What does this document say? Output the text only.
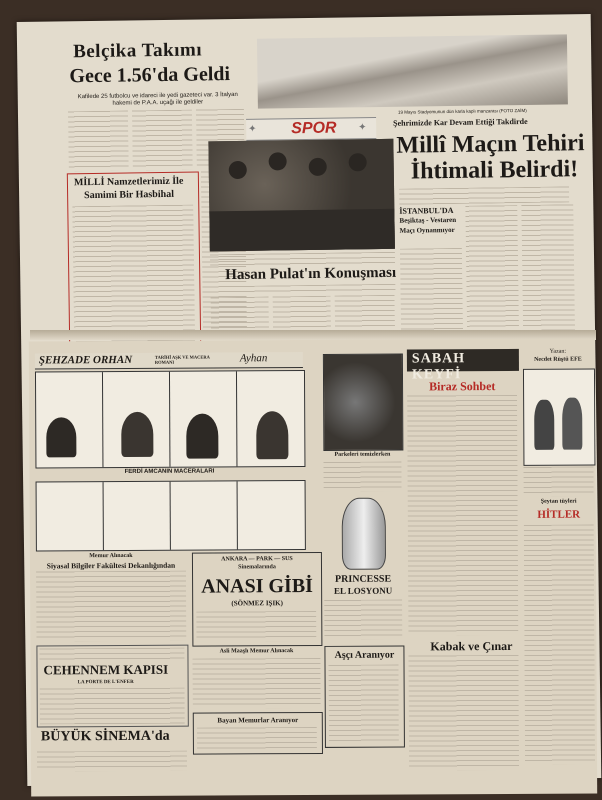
Belçika Takımı
Gece 1.56'da Geldi
Kafilede 25 futbolcu ve idareci ile yedi gazeteci var. 3 İtalyan hakemi de P.A.A. uçağı ile geldiler
19 Mayıs Stadyomunun dün karla kaplı manzarası (FOTO ZAİM)
✦ SPOR ✦
MİLLİ Namzetlerimiz İle
Samimi Bir Hasbihal
Hasan Pulat'ın Konuşması
Şehrimizde Kar Devam Ettiği Takdirde
Millî Maçın Tehiri
İhtimali Belirdi!
İSTANBUL'DA
Beşiktaş - Vestaren
Maçı Oynanmıyor
ŞEHZADE ORHAN	TARİHİ AŞK VE MACERA ROMANI	Ayhan
FERDİ AMCANIN MACERALARI
Memur Alınacak
Siyasal Bilgiler Fakültesi Dekanlığından
CEHENNEM KAPISI
LA PORTE DE L'ENFER
BÜYÜK SİNEMA'da
ANKARA — PARK — SUS
Sinemalarında
ANASI GİBİ
(SÖNMEZ IŞIK)
Asli Maaşlı Memur Alınacak
Bayan Memurlar Aranıyor
Parkeleri temizlerken
PRINCESSE
EL LOSYONU
Aşçı Aranıyor
SABAH KEYFİ
Yazan:
Necdet Rüştü EFE
Biraz Sohbet
Şeytan tüyleri
HİTLER
Kabak ve Çınar
